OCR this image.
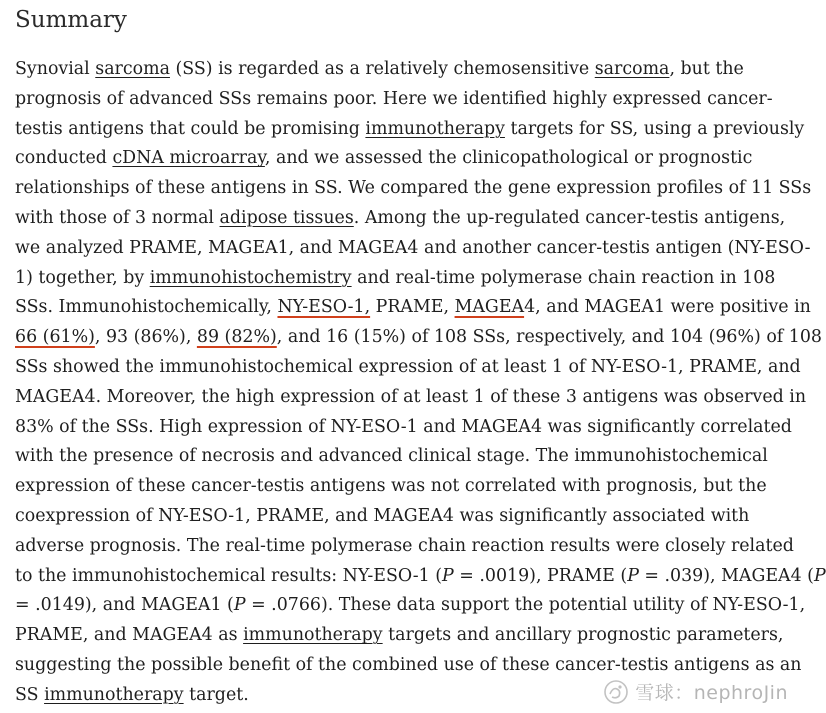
Summary

Synovial sarcoma (SS) is regarded as a relatively chemosensitive sarcoma, but the
prognosis of advanced SSs remains poor. Here we identified highly expressed cancer-
testis antigens that could be promising immunotherapy targets for SS, using a previously
conducted cDNA microarray, and we assessed the clinicopathological or prognostic
relationships of these antigens in SS. We compared the gene expression profiles of 11 SSs
with those of 3 normal adipose tissues. Among the up-regulated cancer-testis antigens,
we analyzed PRAME, MAGEA1, and MAGEA4 and another cancer-testis antigen (NY-ESO-
1) together, by immunohistochemistry and real-time polymerase chain reaction in 108
SSs. Immunohistochemically, NY-ESO-1, PRAME, MAGEA4, and MAGEA1 were positive in
66 (61%), 93 (86%), 89 (82%), and 16 (15%) of 108 SSs, respectively, and 104 (96%) of 108
SSs showed the immunohistochemical expression of at least 1 of NY-ESO-1, PRAME, and
MAGEA4. Moreover, the high expression of at least 1 of these 3 antigens was observed in
83% of the SSs. High expression of NY-ESO-1 and MAGEA4 was significantly correlated
with the presence of necrosis and advanced clinical stage. The immunohistochemical
expression of these cancer-testis antigens was not correlated with prognosis, but the
coexpression of NY-ESO-1, PRAME, and MAGEA4 was significantly associated with
adverse prognosis. The real-time polymerase chain reaction results were closely related
to the immunohistochemical results: NY-ESO-1 (P = .0019), PRAME (P = .039), MAGEA4 (P
= .0149), and MAGEA1 (P = .0766). These data support the potential utility of NY-ESO-1,
PRAME, and MAGEA4 as immunotherapy targets and ancillary prognostic parameters,
suggesting the possible benefit of the combined use of these cancer-testis antigens as an
SS immunotherapy target.	雪球：nephroJin
